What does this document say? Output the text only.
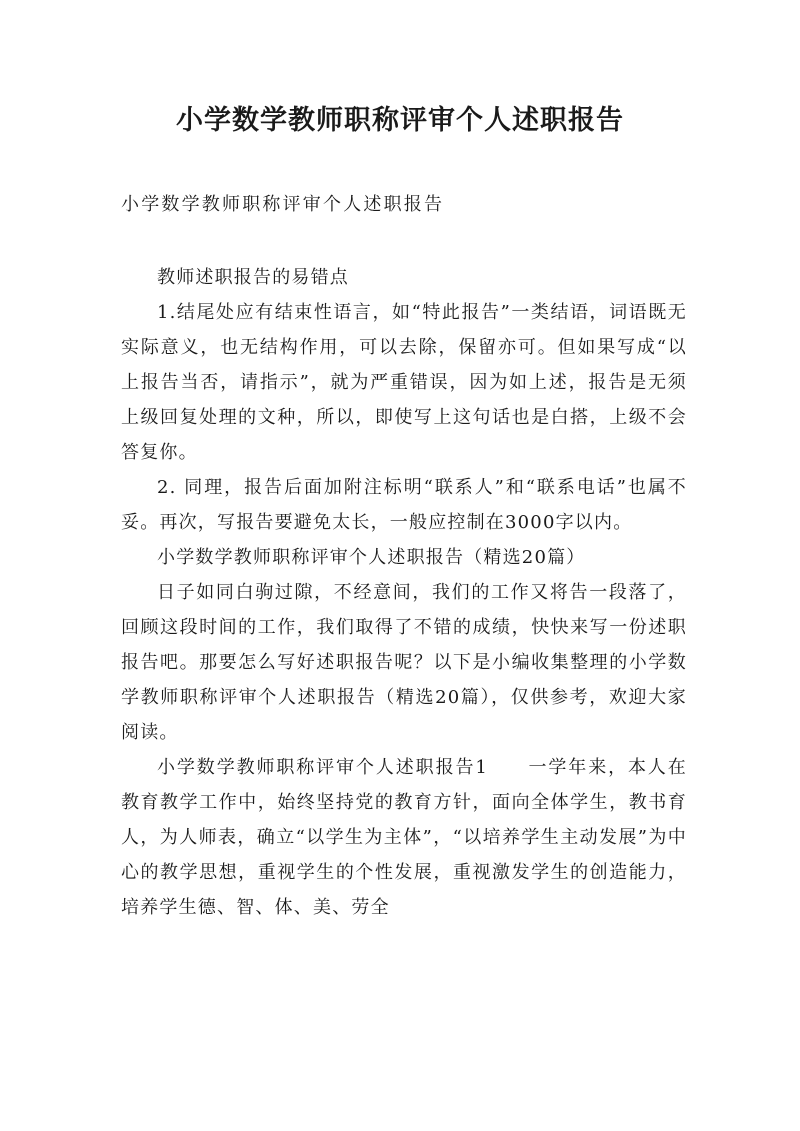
小学数学教师职称评审个人述职报告
小学数学教师职称评审个人述职报告

教师述职报告的易错点

1.结尾处应有结束性语言，如“特此报告”一类结语，词语既无实际意义，也无结构作用，可以去除，保留亦可。但如果写成“以上报告当否，请指示”，就为严重错误，因为如上述，报告是无须上级回复处理的文种，所以，即使写上这句话也是白搭，上级不会答复你。

2. 同理，报告后面加附注标明“联系人”和“联系电话”也属不妥。再次，写报告要避免太长，一般应控制在3000字以内。

小学数学教师职称评审个人述职报告（精选20篇）

日子如同白驹过隙，不经意间，我们的工作又将告一段落了，回顾这段时间的工作，我们取得了不错的成绩，快快来写一份述职报告吧。那要怎么写好述职报告呢？以下是小编收集整理的小学数学教师职称评审个人述职报告（精选20篇），仅供参考，欢迎大家阅读。

小学数学教师职称评审个人述职报告1　　一学年来，本人在教育教学工作中，始终坚持党的教育方针，面向全体学生，教书育人，为人师表，确立“以学生为主体”，“以培养学生主动发展”为中心的教学思想，重视学生的个性发展，重视激发学生的创造能力，培养学生德、智、体、美、劳全
